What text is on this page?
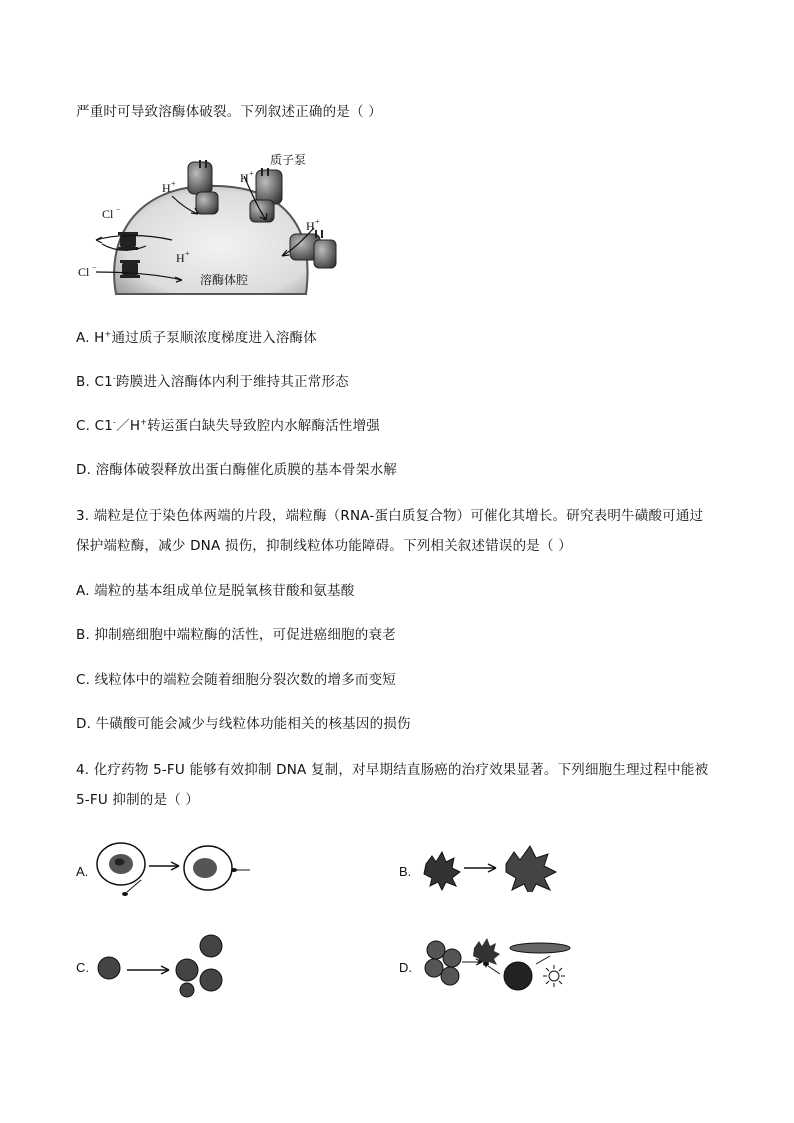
严重时可导致溶酶体破裂。下列叙述正确的是（ ）
质子泵
H +	H +
H +
H +
Cl −
Cl −
溶酶体腔
A. H+通过质子泵顺浓度梯度进入溶酶体
B. C1-跨膜进入溶酶体内利于维持其正常形态
C. C1-／H+转运蛋白缺失导致腔内水解酶活性增强
D. 溶酶体破裂释放出蛋白酶催化质膜的基本骨架水解
3. 端粒是位于染色体两端的片段，端粒酶（RNA-蛋白质复合物）可催化其增长。研究表明牛磺酸可通过
保护端粒酶，减少 DNA 损伤，抑制线粒体功能障碍。下列相关叙述错误的是（ ）
A. 端粒的基本组成单位是脱氧核苷酸和氨基酸
B. 抑制癌细胞中端粒酶的活性，可促进癌细胞的衰老
C. 线粒体中的端粒会随着细胞分裂次数的增多而变短
D. 牛磺酸可能会减少与线粒体功能相关的核基因的损伤
4. 化疗药物 5-FU 能够有效抑制 DNA 复制，对早期结直肠癌的治疗效果显著。下列细胞生理过程中能被
5-FU 抑制的是（ ）
A.	B.
C.	D.
